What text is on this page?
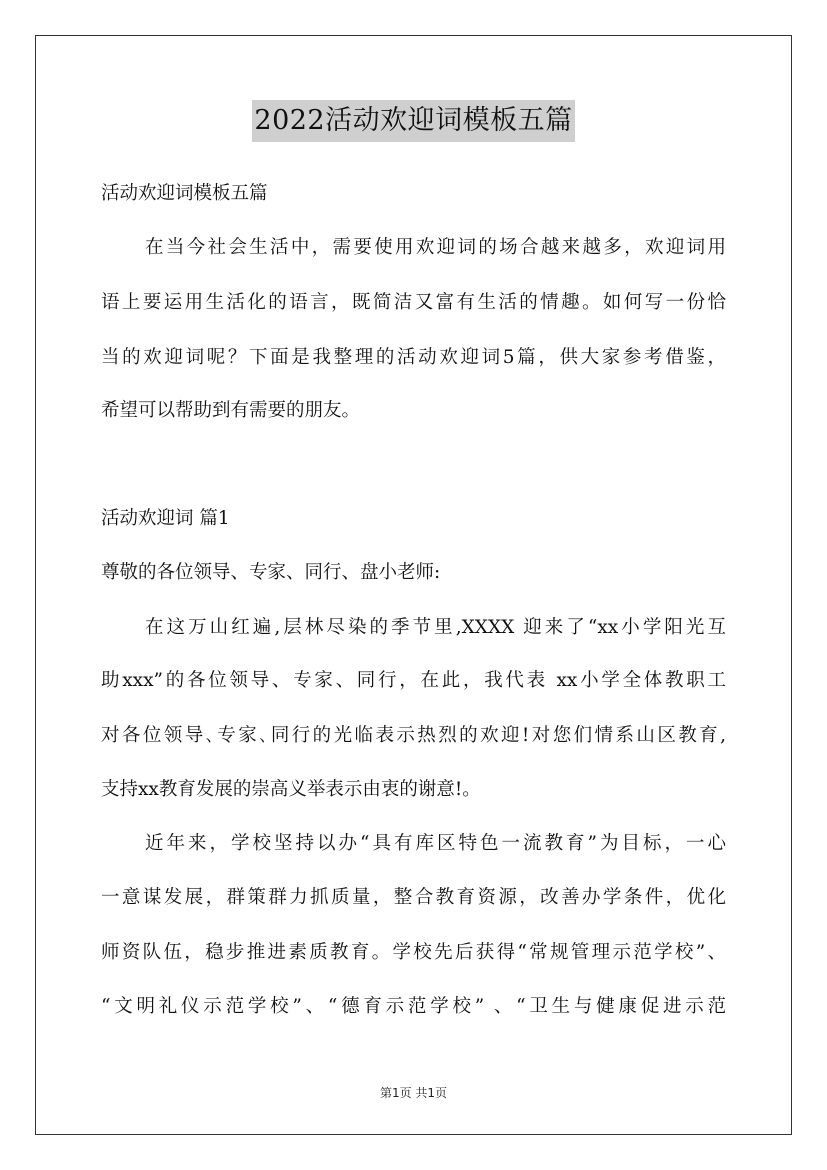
2022活动欢迎词模板五篇
活动欢迎词模板五篇
在当今社会生活中，需要使用欢迎词的场合越来越多，欢迎词用
语上要运用生活化的语言，既简洁又富有生活的情趣。如何写一份恰
当的欢迎词呢？下面是我整理的活动欢迎词5篇，供大家参考借鉴，
希望可以帮助到有需要的朋友。
活动欢迎词 篇1
尊敬的各位领导、专家、同行、盘小老师:
在这万山红遍,层林尽染的季节里,XXXX 迎来了“xx小学阳光互
助xxx”的各位领导、专家、同行，在此，我代表 xx小学全体教职工
对各位领导､专家､同行的光临表示热烈的欢迎!对您们情系山区教育,
支持xx教育发展的崇高义举表示由衷的谢意!。
近年来，学校坚持以办“具有库区特色一流教育”为目标，一心
一意谋发展，群策群力抓质量，整合教育资源，改善办学条件，优化
师资队伍，稳步推进素质教育。学校先后获得“常规管理示范学校”、
“文明礼仪示范学校”、“德育示范学校” 、“卫生与健康促进示范
第1页 共1页
